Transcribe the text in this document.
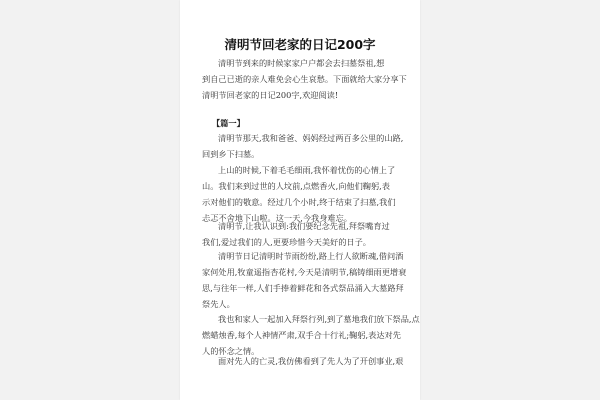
清明节回老家的日记200字
清明节到来的时候家家户户都会去扫墓祭祖,想
到自己已逝的亲人难免会心生哀愁。下面就给大家分享下
清明节回老家的日记200字,欢迎阅读!
【篇一】
清明节那天,我和爸爸、妈妈经过两百多公里的山路,
回到乡下扫墓。
上山的时候,下着毛毛细雨,我怀着忧伤的心情上了
山。我们来到过世的人坟前,点燃香火,向他们鞠躬,表
示对他们的敬意。经过几个小时,终于结束了扫墓,我们
忐忑不舍地下山啦。这一天,今我身难忘。
清明节,让我认识到:我们要纪念先祖,拜祭嘴育过
我们,爱过我们的人,更要珍惜今天美好的日子。
清明节日记清明时节雨纷纷,路上行人欲断魂,借问酒
家何处用,牧童遥指杏花村,今天是清明节,稿铸细雨更增衰
思,与往年一样,人们手捧着鲜花和各式祭品涌入大墓路拜
祭先人。
我也和家人一起加入拜祭行列,到了墓地我们放下祭品,点
燃蜡烛香,每个人神情严肃,双手合十行礼;鞠躬,表达对先
人的怀念之情。
面对先人的亡灵,我仿佛看到了先人为了开创事业,艰
